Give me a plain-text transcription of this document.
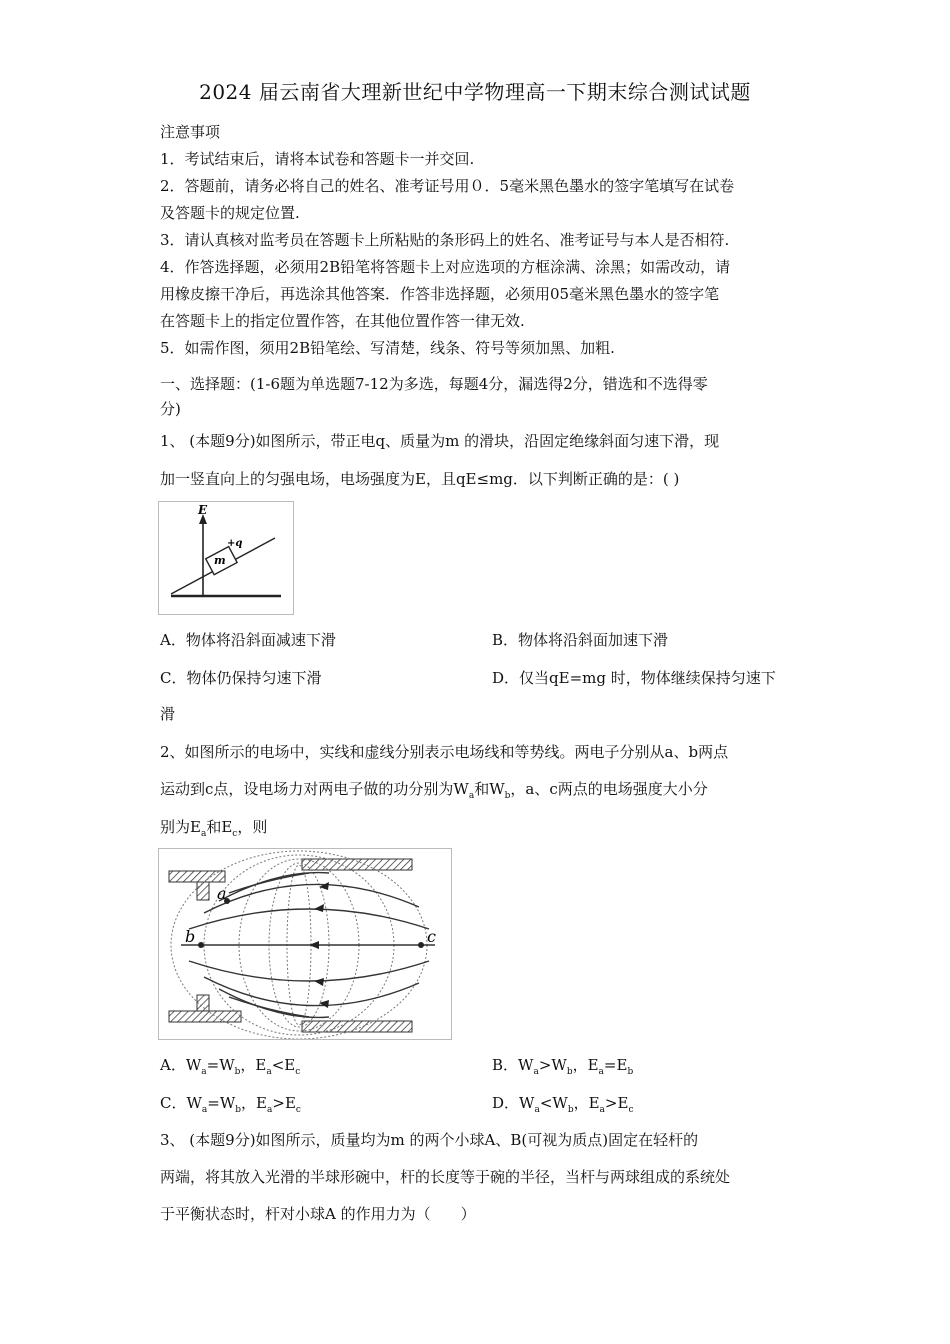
2024 届云南省大理新世纪中学物理高一下期末综合测试试题
注意事项
1．考试结束后，请将本试卷和答题卡一并交回.
2．答题前，请务必将自己的姓名、准考证号用０．5毫米黑色墨水的签字笔填写在试卷
及答题卡的规定位置.
3．请认真核对监考员在答题卡上所粘贴的条形码上的姓名、准考证号与本人是否相符.
4．作答选择题，必须用2B铅笔将答题卡上对应选项的方框涂满、涂黑；如需改动，请
用橡皮擦干净后，再选涂其他答案．作答非选择题，必须用05毫米黑色墨水的签字笔
在答题卡上的指定位置作答，在其他位置作答一律无效.
5．如需作图，须用2B铅笔绘、写清楚，线条、符号等须加黑、加粗.
一、选择题：(1-6题为单选题7-12为多选，每题4分，漏选得2分，错选和不选得零
分)
1、 (本题9分)如图所示，带正电q、质量为m 的滑块，沿固定绝缘斜面匀速下滑，现
加一竖直向上的匀强电场，电场强度为E，且qE≤mg．以下判断正确的是：( )
E
m
+q
A．物体将沿斜面减速下滑	B．物体将沿斜面加速下滑
C．物体仍保持匀速下滑	D．仅当qE=mg 时，物体继续保持匀速下
滑
2、如图所示的电场中，实线和虚线分别表示电场线和等势线。两电子分别从a、b两点
运动到c点，设电场力对两电子做的功分别为$W_a$和$W_b$，a、c两点的电场强度大小分
别为$E_a$和$E_c$，则
a
b	c
A．$W_a=W_b$，$E_a<E_c$	B．$W_a>W_b$，$E_a=E_b$
C．$W_a=W_b$，$E_a>E_c$	D．$W_a<W_b$，$E_a>E_c$
3、 (本题9分)如图所示，质量均为m 的两个小球A、B(可视为质点)固定在轻杆的
两端，将其放入光滑的半球形碗中，杆的长度等于碗的半径，当杆与两球组成的系统处
于平衡状态时，杆对小球A 的作用力为（　　）
